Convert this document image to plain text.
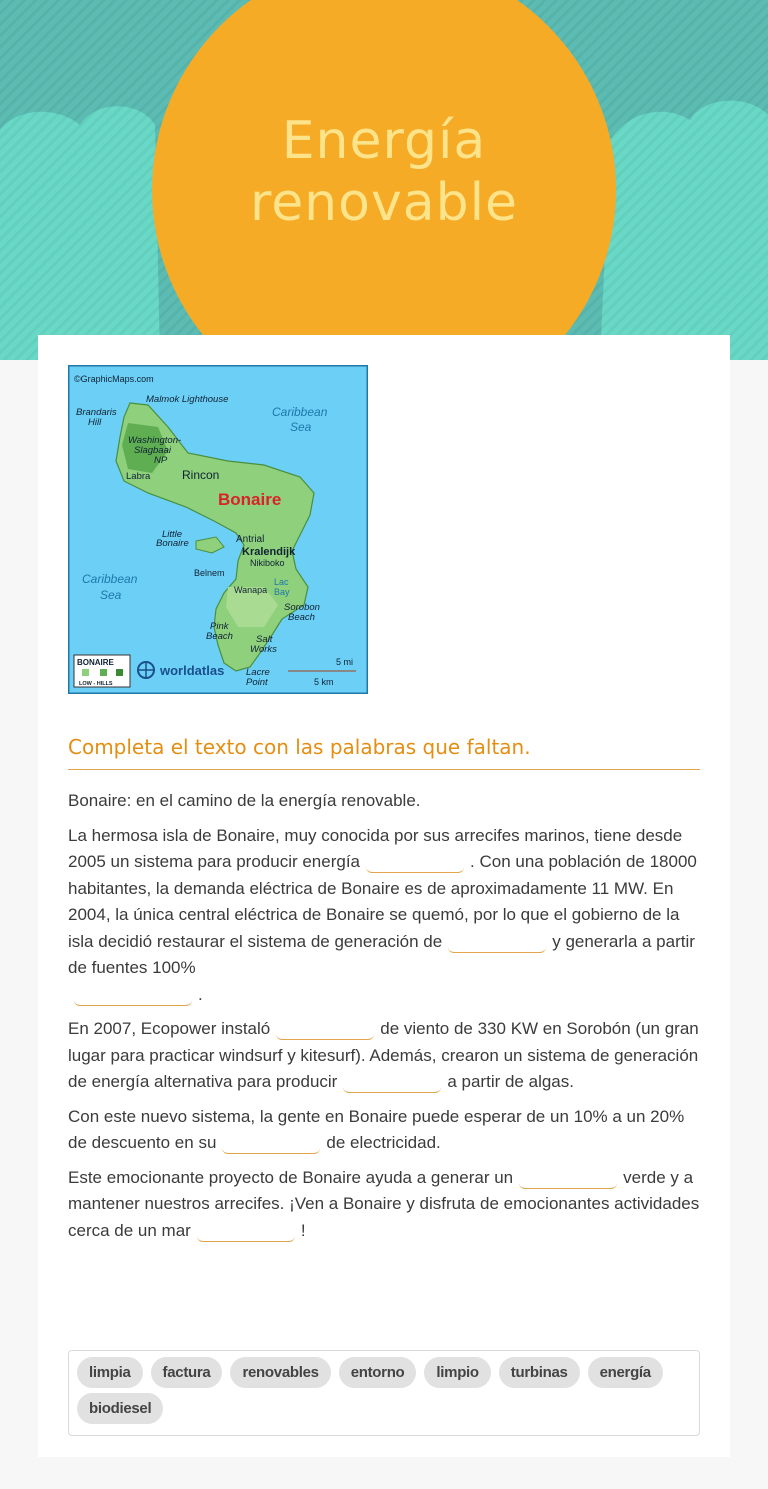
Energía renovable
©GraphicMaps.com
Malmok Lighthouse
Brandaris
Hill
Washington-
Slagbaai
NP
Labra	Rincon
Bonaire
Little
Bonaire	Antrial
Kralendijk
Nikiboko
Belnem
Wanapa
Lac
Bay
Sorobon
Beach
Pink
Beach Salt
Works
Lacre
Point
Caribbean
Sea
Caribbean
Sea
5 mi
5 km
BONAIRE
LOW - HILLS
worldatlas
Completa el texto con las palabras que faltan.

Bonaire: en el camino de la energía renovable.

La hermosa isla de Bonaire, muy conocida por sus arrecifes marinos, tiene desde 2005 un sistema para producir energía	. Con una población de 18000 habitantes, la demanda eléctrica de Bonaire es de aproximadamente 11 MW. En 2004, la única central eléctrica de Bonaire se quemó, por lo que el gobierno de la isla decidió restaurar el sistema de generación de	y generarla a partir de fuentes 100%
.

En 2007, Ecopower instaló	de viento de 330 KW en Sorobón (un gran lugar para practicar windsurf y kitesurf). Además, crearon un sistema de generación de energía alternativa para producir	a partir de algas.

Con este nuevo sistema, la gente en Bonaire puede esperar de un 10% a un 20% de descuento en su	de electricidad.

Este emocionante proyecto de Bonaire ayuda a generar un	verde y a mantener nuestros arrecifes. ¡Ven a Bonaire y disfruta de emocionantes actividades cerca de un mar	!

limpia factura renovables entorno limpio turbinas energía
biodiesel
